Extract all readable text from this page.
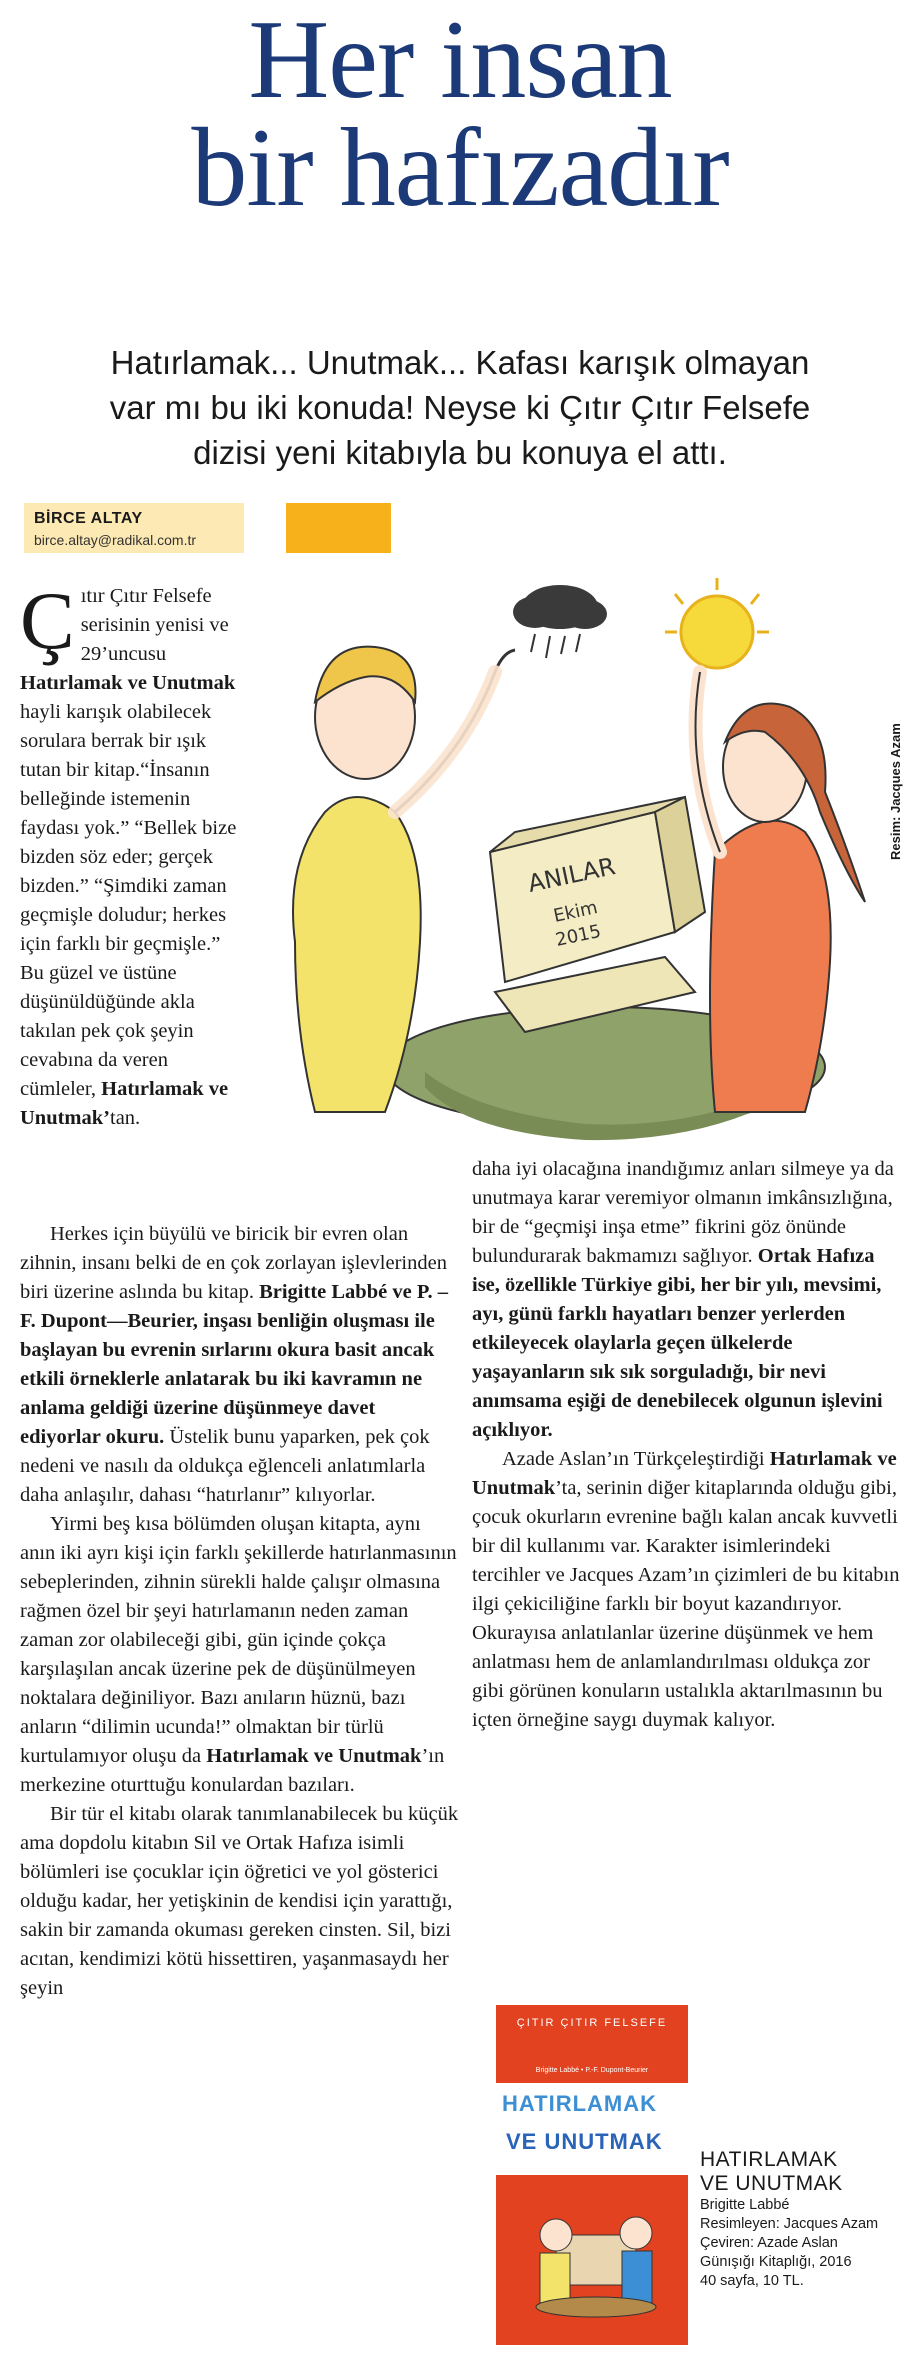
Her insan
bir hafızadır
Hatırlamak... Unutmak... Kafası karışık olmayan
var mı bu iki konuda! Neyse ki Çıtır Çıtır Felsefe
dizisi yeni kitabıyla bu konuya el attı.
BİRCE ALTAY
birce.altay@radikal.com.tr
ANILAR
Ekim
2015
Resim: Jacques Azam

Çıtır Çıtır Felsefe serisinin yenisi ve 29’uncusu Hatırlamak ve Unutmak hayli karışık olabilecek sorulara berrak bir ışık tutan bir kitap.“İnsanın belleğinde istemenin faydası yok.” “Bellek bize bizden söz eder; gerçek bizden.” “Şimdiki zaman geçmişle doludur; herkes için farklı bir geçmişle.” Bu güzel ve üstüne düşünüldüğünde akla takılan pek çok şeyin cevabına da veren cümleler, Hatırlamak ve Unutmak’tan.

Herkes için büyülü ve biricik bir evren olan zihnin, insanı belki de en çok zorlayan işlevlerinden biri üzerine aslında bu kitap. Brigitte Labbé ve P. – F. Dupont—Beurier, inşası benliğin oluşması ile başlayan bu evrenin sırlarını okura basit ancak etkili örneklerle anlatarak bu iki kavramın ne anlama geldiği üzerine düşünmeye davet ediyorlar okuru. Üstelik bunu yaparken, pek çok nedeni ve nasılı da oldukça eğlenceli anlatımlarla daha anlaşılır, dahası “hatırlanır” kılıyorlar.

Yirmi beş kısa bölümden oluşan kitapta, aynı anın iki ayrı kişi için farklı şekillerde hatırlanmasının sebeplerinden, zihnin sürekli halde çalışır olmasına rağmen özel bir şeyi hatırlamanın neden zaman zaman zor olabileceği gibi, gün içinde çokça karşılaşılan ancak üzerine pek de düşünülmeyen noktalara değiniliyor. Bazı anıların hüznü, bazı anların “dilimin ucunda!” olmaktan bir türlü kurtulamıyor oluşu da Hatırlamak ve Unutmak’ın merkezine oturttuğu konulardan bazıları.

Bir tür el kitabı olarak tanımlanabilecek bu küçük ama dopdolu kitabın Sil ve Ortak Hafıza isimli bölümleri ise çocuklar için öğretici ve yol gösterici olduğu kadar, her yetişkinin de kendisi için yarattığı, sakin bir zamanda okuması gereken cinsten. Sil, bizi acıtan, kendimizi kötü hissettiren, yaşanmasaydı her şeyin

daha iyi olacağına inandığımız anları silmeye ya da unutmaya karar veremiyor olmanın imkânsızlığına, bir de “geçmişi inşa etme” fikrini göz önünde bulundurarak bakmamızı sağlıyor. Ortak Hafıza ise, özellikle Türkiye gibi, her bir yılı, mevsimi, ayı, günü farklı hayatları benzer yerlerden etkileyecek olaylarla geçen ülkelerde yaşayanların sık sık sorguladığı, bir nevi anımsama eşiği de denebilecek olgunun işlevini açıklıyor.

Azade Aslan’ın Türkçeleştirdiği Hatırlamak ve Unutmak’ta, serinin diğer kitaplarında olduğu gibi, çocuk okurların evrenine bağlı kalan ancak kuvvetli bir dil kullanımı var. Karakter isimlerindeki tercihler ve Jacques Azam’ın çizimleri de bu kitabın ilgi çekiciliğine farklı bir boyut kazandırıyor. Okurayısa anlatılanlar üzerine düşünmek ve hem anlatması hem de anlamlandırılması oldukça zor gibi görünen konuların ustalıkla aktarılmasının bu içten örneğine saygı duymak kalıyor.

ÇITIR ÇITIR FELSEFE
Brigitte Labbé • P.-F. Dupont-Beurier
HATIRLAMAK
VE UNUTMAK
HATIRLAMAK
VE UNUTMAK
Brigitte Labbé
Resimleyen: Jacques Azam
Çeviren: Azade Aslan
Günışığı Kitaplığı, 2016
40 sayfa, 10 TL.
